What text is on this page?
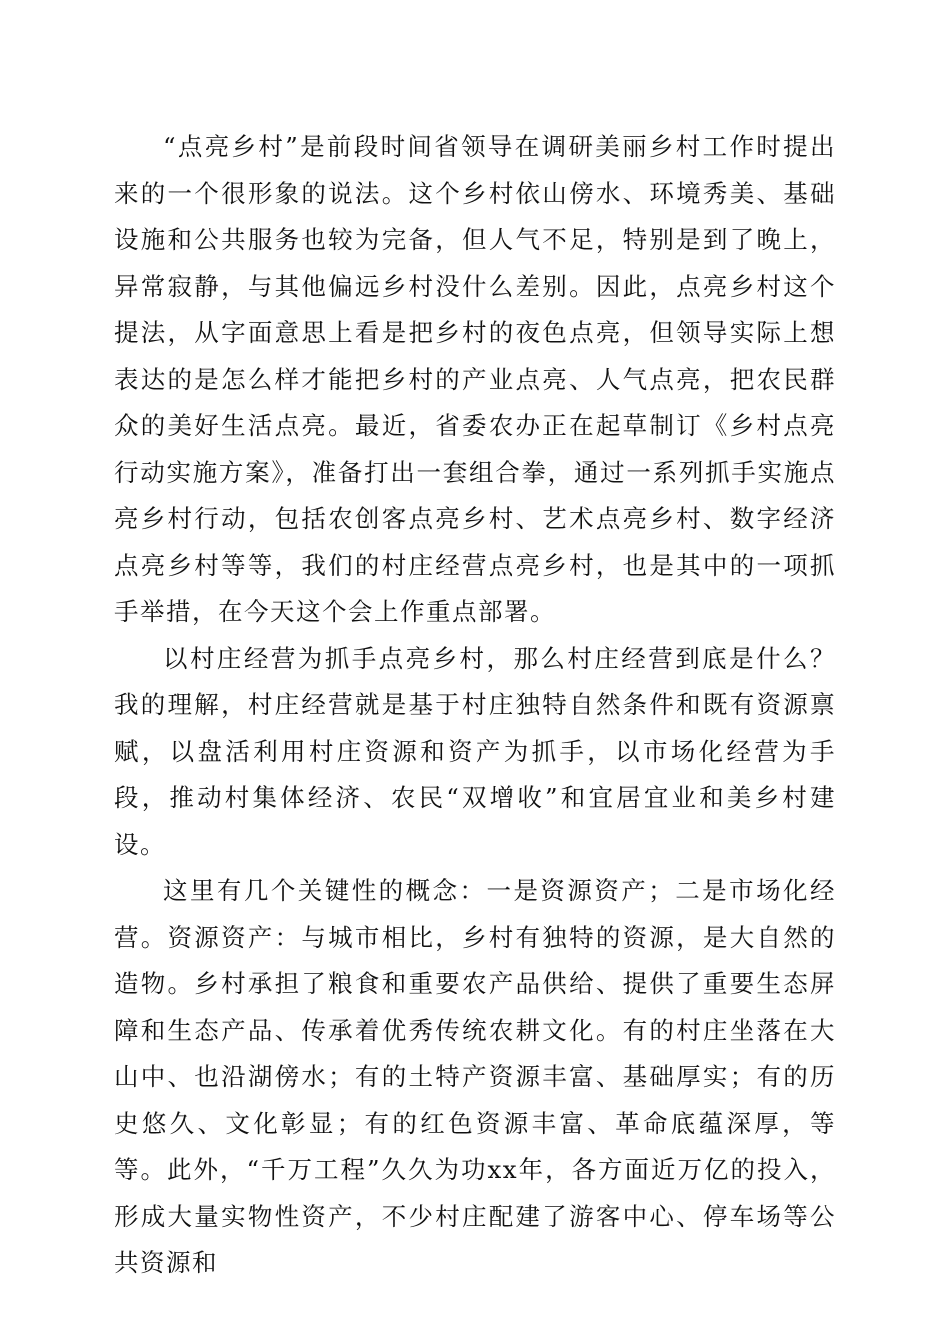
“点亮乡村”是前段时间省领导在调研美丽乡村工作时提出来的一个很形象的说法。这个乡村依山傍水、环境秀美、基础设施和公共服务也较为完备，但人气不足，特别是到了晚上，异常寂静，与其他偏远乡村没什么差别。因此，点亮乡村这个提法，从字面意思上看是把乡村的夜色点亮，但领导实际上想表达的是怎么样才能把乡村的产业点亮、人气点亮，把农民群众的美好生活点亮。最近，省委农办正在起草制订《乡村点亮行动实施方案》，准备打出一套组合拳，通过一系列抓手实施点亮乡村行动，包括农创客点亮乡村、艺术点亮乡村、数字经济点亮乡村等等，我们的村庄经营点亮乡村，也是其中的一项抓手举措，在今天这个会上作重点部署。

以村庄经营为抓手点亮乡村，那么村庄经营到底是什么？我的理解，村庄经营就是基于村庄独特自然条件和既有资源禀赋，以盘活利用村庄资源和资产为抓手，以市场化经营为手段，推动村集体经济、农民“双增收”和宜居宜业和美乡村建设。

这里有几个关键性的概念：一是资源资产；二是市场化经营。资源资产：与城市相比，乡村有独特的资源，是大自然的造物。乡村承担了粮食和重要农产品供给、提供了重要生态屏障和生态产品、传承着优秀传统农耕文化。有的村庄坐落在大山中、也沿湖傍水；有的土特产资源丰富、基础厚实；有的历史悠久、文化彰显；有的红色资源丰富、革命底蕴深厚，等等。此外，“千万工程”久久为功xx年，各方面近万亿的投入，形成大量实物性资产，不少村庄配建了游客中心、停车场等公共资源和
